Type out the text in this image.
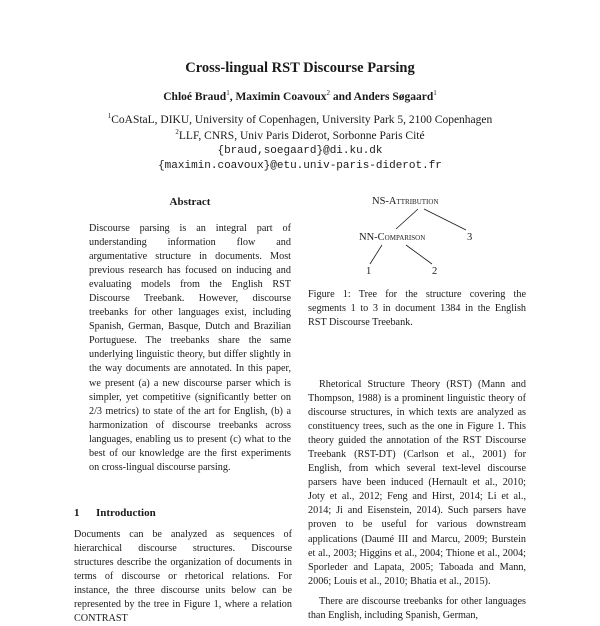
Cross-lingual RST Discourse Parsing
Chloé Braud$^1$, Maximin Coavoux$^2$ and Anders Søgaard$^1$
$^1$CoAStaL, DIKU, University of Copenhagen, University Park 5, 2100 Copenhagen
$^2$LLF, CNRS, Univ Paris Diderot, Sorbonne Paris Cité
{braud,soegaard}@di.ku.dk
{maximin.coavoux}@etu.univ-paris-diderot.fr
Abstract
Discourse parsing is an integral part of understanding information flow and argumentative structure in documents. Most previous research has focused on inducing and evaluating models from the English RST Discourse Treebank. However, discourse treebanks for other languages exist, including Spanish, German, Basque, Dutch and Brazilian Portuguese. The treebanks share the same underlying linguistic theory, but differ slightly in the way documents are annotated. In this paper, we present (a) a new discourse parser which is simpler, yet competitive (significantly better on 2/3 metrics) to state of the art for English, (b) a harmonization of discourse treebanks across languages, enabling us to present (c) what to the best of our knowledge are the first experiments on cross-lingual discourse parsing.
1 Introduction

Documents can be analyzed as sequences of hierarchical discourse structures. Discourse structures describe the organization of documents in terms of discourse or rhetorical relations. For instance, the three discourse units below can be represented by the tree in Figure 1, where a relation CONTRAST

NS-Attribution
NN-Comparison	3
1	2
Figure 1: Tree for the structure covering the segments 1 to 3 in document 1384 in the English RST Discourse Treebank.

Rhetorical Structure Theory (RST) (Mann and Thompson, 1988) is a prominent linguistic theory of discourse structures, in which texts are analyzed as constituency trees, such as the one in Figure 1. This theory guided the annotation of the RST Discourse Treebank (RST-DT) (Carlson et al., 2001) for English, from which several text-level discourse parsers have been induced (Hernault et al., 2010; Joty et al., 2012; Feng and Hirst, 2014; Li et al., 2014; Ji and Eisenstein, 2014). Such parsers have proven to be useful for various downstream applications (Daumé III and Marcu, 2009; Burstein et al., 2003; Higgins et al., 2004; Thione et al., 2004; Sporleder and Lapata, 2005; Taboada and Mann, 2006; Louis et al., 2010; Bhatia et al., 2015).

There are discourse treebanks for other languages than English, including Spanish, German,
